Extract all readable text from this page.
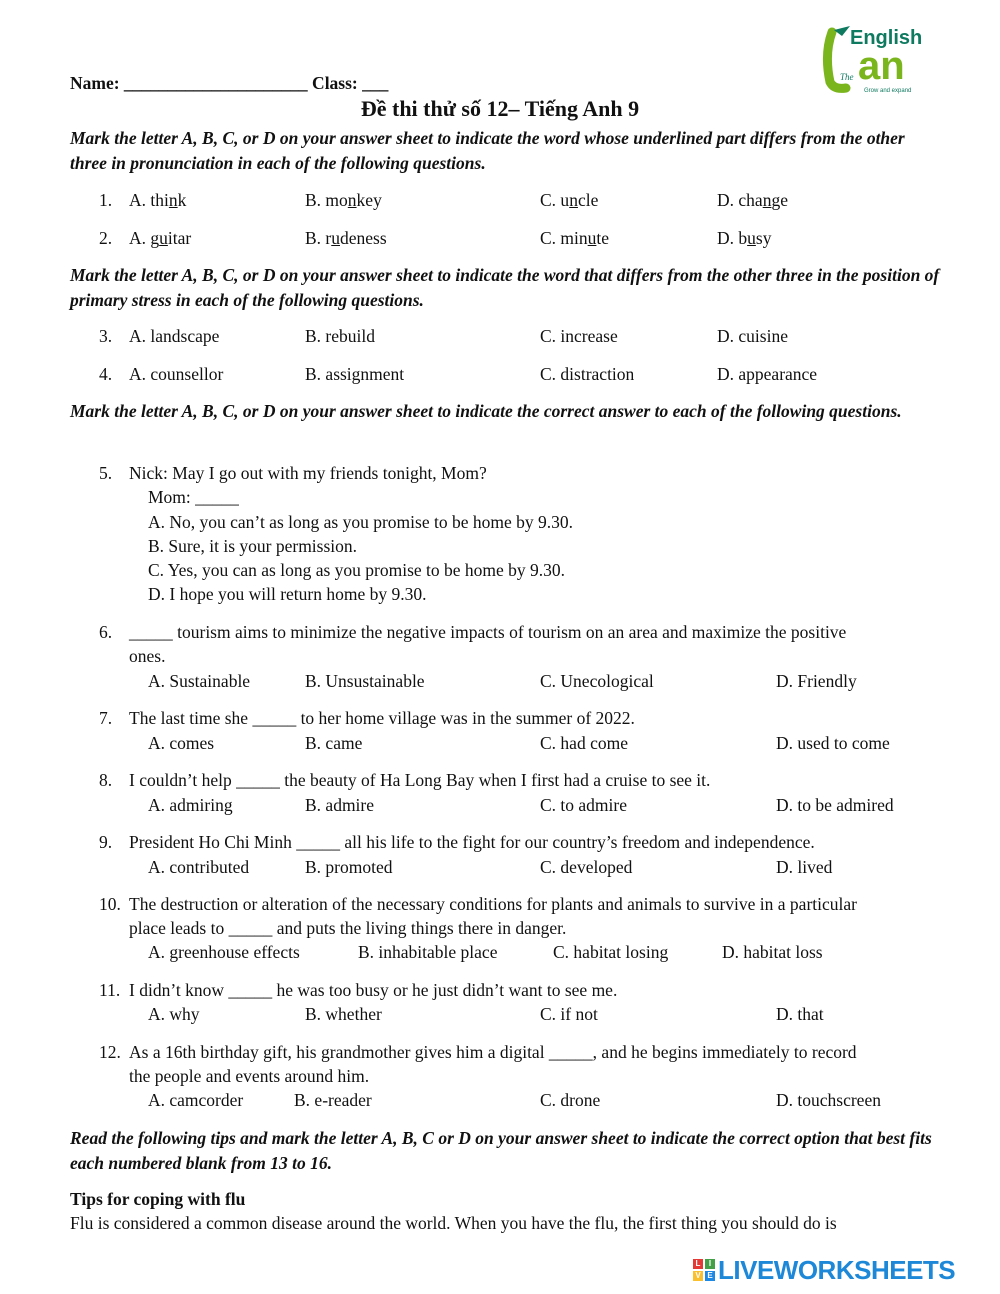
English
an
The
Grow and expand
Name: _____________________ Class: ___
Đề thi thử số 12– Tiếng Anh 9
Mark the letter A, B, C, or D on your answer sheet to indicate the word whose underlined part differs from the other three in pronunciation in each of the following questions.
1. A. think	B. monkey	C. uncle	D. change
2. A. guitar	B. rudeness	C. minute	D. busy
Mark the letter A, B, C, or D on your answer sheet to indicate the word that differs from the other three in the position of primary stress in each of the following questions.
3. A. landscape	B. rebuild	C. increase	D. cuisine
4. A. counsellor	B. assignment	C. distraction	D. appearance
Mark the letter A, B, C, or D on your answer sheet to indicate the correct answer to each of the following questions.
5. Nick: May I go out with my friends tonight, Mom?
Mom: _____
A. No, you can’t as long as you promise to be home by 9.30.
B. Sure, it is your permission.
C. Yes, you can as long as you promise to be home by 9.30.
D. I hope you will return home by 9.30.
6. _____ tourism aims to minimize the negative impacts of tourism on an area and maximize the positive
ones.
A. Sustainable	B. Unsustainable	C. Unecological	D. Friendly
7. The last time she _____ to her home village was in the summer of 2022.
A. comes	B. came	C. had come	D. used to come
8. I couldn’t help _____ the beauty of Ha Long Bay when I first had a cruise to see it.
A. admiring	B. admire	C. to admire	D. to be admired
9. President Ho Chi Minh _____ all his life to the fight for our country’s freedom and independence.
A. contributed	B. promoted	C. developed	D. lived
10. The destruction or alteration of the necessary conditions for plants and animals to survive in a particular
place leads to _____ and puts the living things there in danger.
A. greenhouse effects	B. inhabitable place	C. habitat losing	D. habitat loss
11. I didn’t know _____ he was too busy or he just didn’t want to see me.
A. why	B. whether	C. if not	D. that
12. As a 16th birthday gift, his grandmother gives him a digital _____, and he begins immediately to record
the people and events around him.
A. camcorder	B. e-reader	C. drone	D. touchscreen
Read the following tips and mark the letter A, B, C or D on your answer sheet to indicate the correct option that best fits each numbered blank from 13 to 16.
Tips for coping with flu
Flu is considered a common disease around the world. When you have the flu, the first thing you should do is
L	I
V E LIVEWORKSHEETS
